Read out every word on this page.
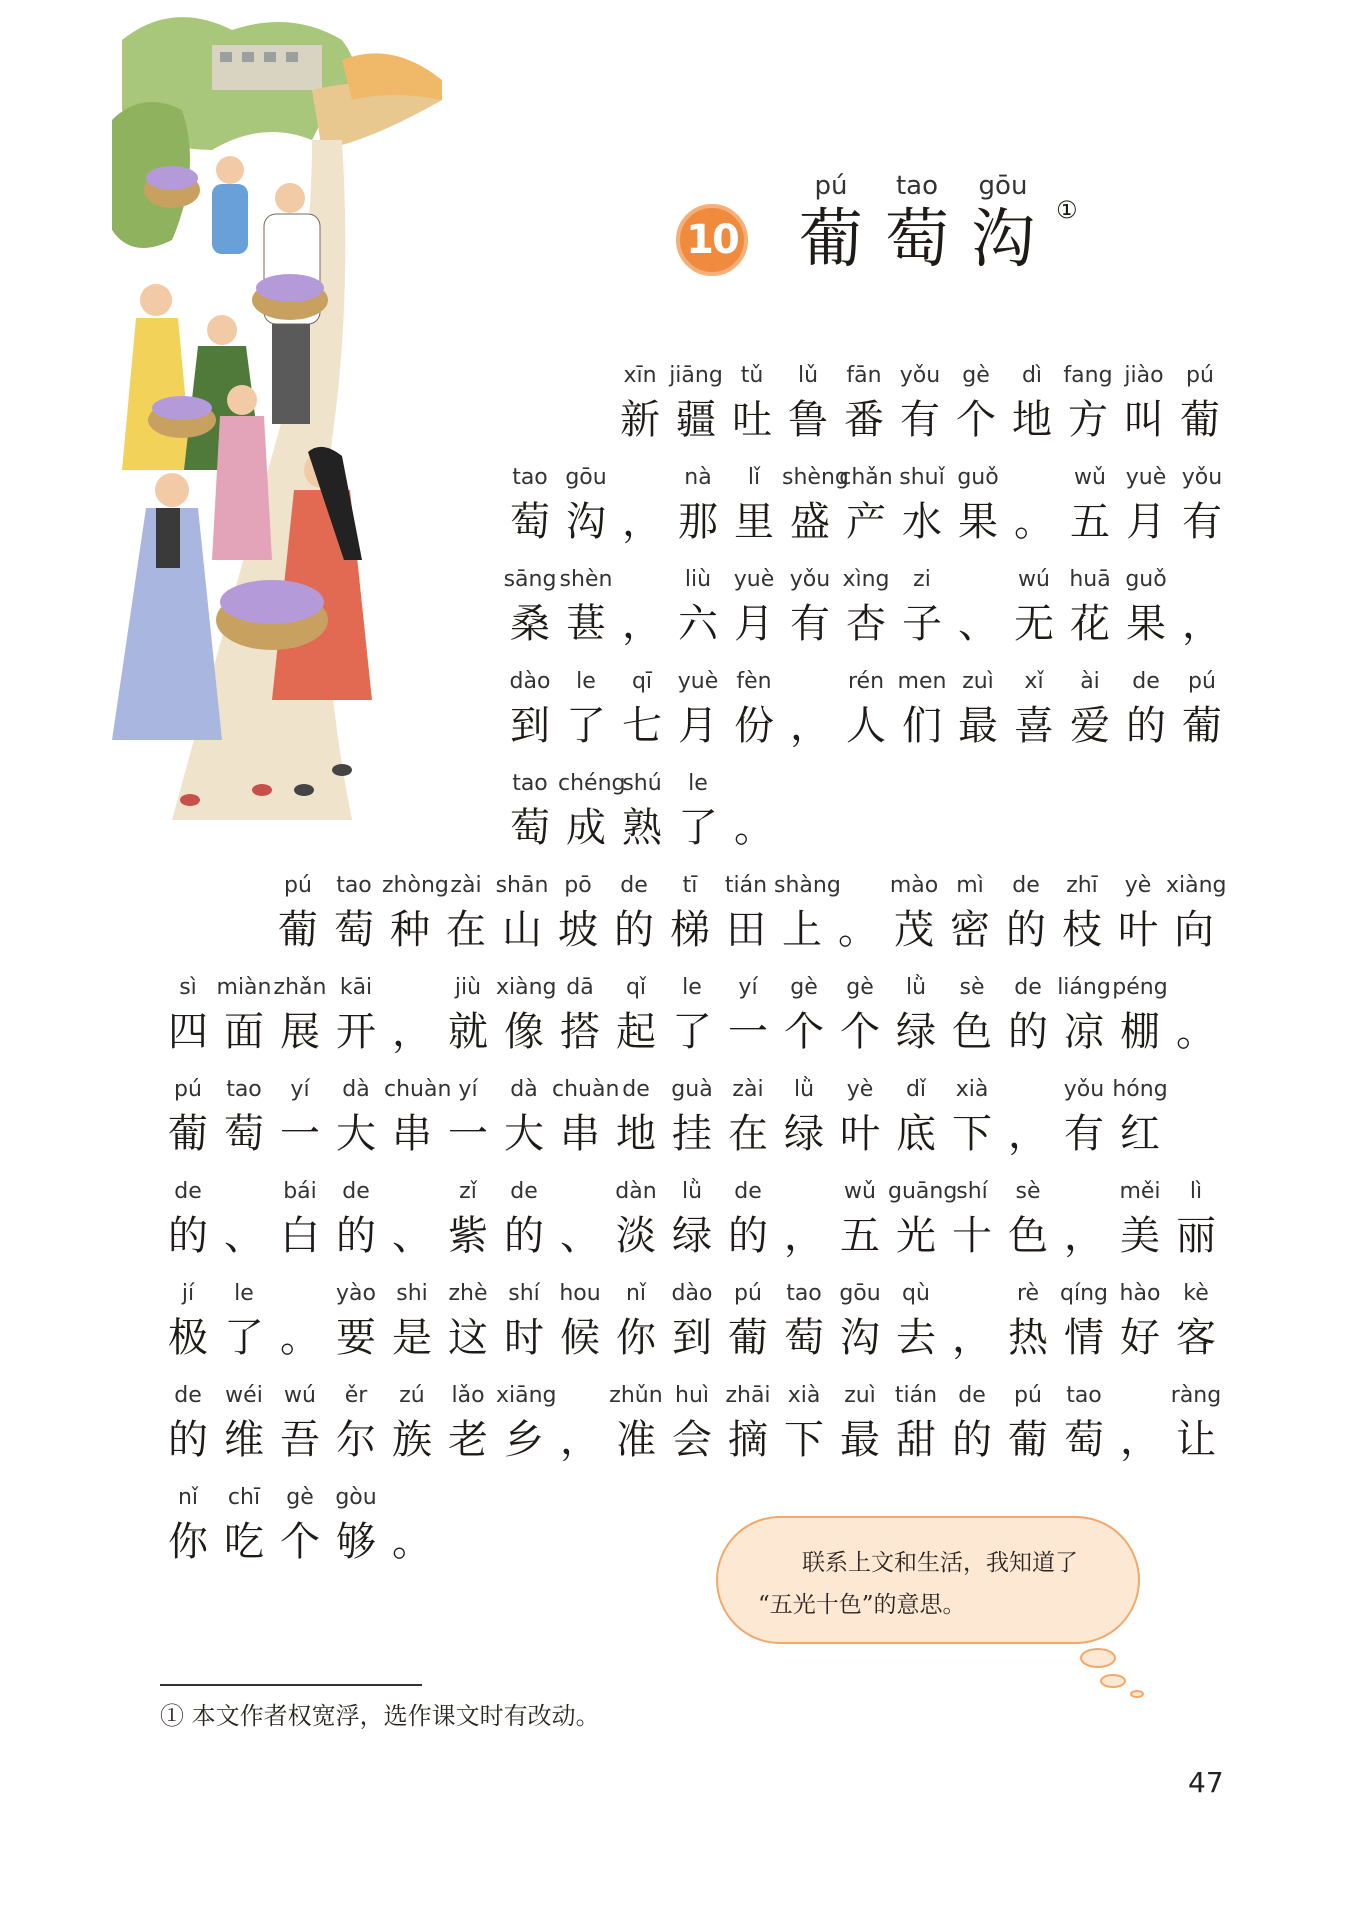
10
pú
葡
tao
萄
gōu
沟 ①
xīn
新
jiāng
疆
tǔ
吐
lǔ
鲁
fān
番
yǒu
有
gè
个
dì
地
fang
方
jiào
叫
pú
葡
tao
萄
gōu
沟 ，
nà
那
lǐ
里
shèng
盛
chǎn
产
shuǐ
水
guǒ
果 。
wǔ
五
yuè
月
yǒu
有
sāng
桑
shèn
葚 ，
liù
六
yuè
月
yǒu
有
xìng
杏
zi
子 、
wú
无
huā
花
guǒ
果 ，
dào
到
le
了
qī
七
yuè
月
fèn
份 ，
rén
人
men
们
zuì
最
xǐ
喜
ài
爱
de
的
pú
葡
tao
萄
chéng
成
shú
熟
le
了 。
pú
葡
tao
萄
zhòng
种
zài
在
shān
山
pō
坡
de
的
tī
梯
tián
田
shàng
上 。
mào
茂
mì
密
de
的
zhī
枝
yè
叶
xiàng
向
sì
四
miàn
面
zhǎn
展
kāi
开 ，
jiù
就
xiàng
像
dā
搭
qǐ
起
le
了
yí
一
gè
个
gè
个
lǜ
绿
sè
色
de
的
liáng
凉
péng
棚 。
pú
葡
tao
萄
yí
一
dà
大
chuàn
串
yí
一
dà
大
chuàn
串
de
地
guà
挂
zài
在
lǜ
绿
yè
叶
dǐ
底
xià
下 ，
yǒu
有
hóng
红
de
的 、
bái
白
de
的 、
zǐ
紫
de
的 、
dàn
淡
lǜ
绿
de
的 ，
wǔ
五
guāng
光
shí
十
sè
色 ，
měi
美
lì
丽
jí
极
le
了 。
yào
要
shi
是
zhè
这
shí
时
hou
候
nǐ
你
dào
到
pú
葡
tao
萄
gōu
沟
qù
去 ，
rè
热
qíng
情
hào
好
kè
客
de
的
wéi
维
wú
吾
ěr
尔
zú
族
lǎo
老
xiāng
乡 ，
zhǔn
准
huì
会
zhāi
摘
xià
下
zuì
最
tián
甜
de
的
pú
葡
tao
萄 ，
ràng
让
nǐ
你
chī
吃
gè
个
gòu
够 。	联系上文和生活，我知道了

“五光十色”的意思。

① 本文作者权宽浮，选作课文时有改动。
47
